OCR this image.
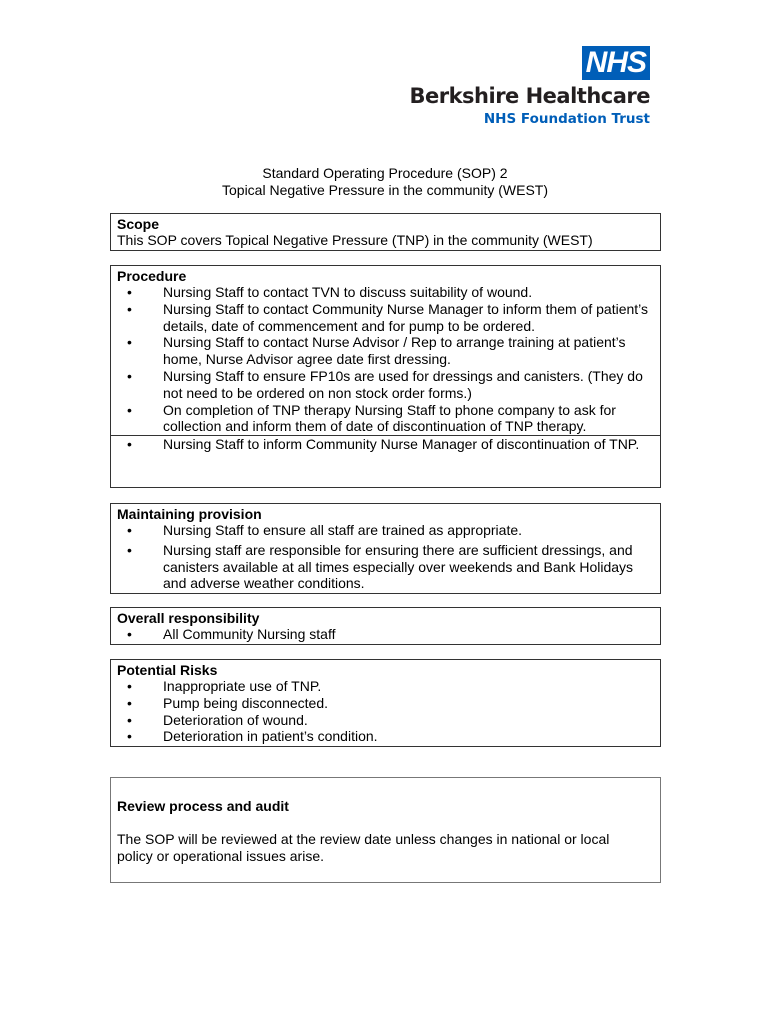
NHS
Berkshire Healthcare
NHS Foundation Trust
Standard Operating Procedure (SOP) 2
Topical Negative Pressure in the community (WEST)
Scope
This SOP covers Topical Negative Pressure (TNP) in the community (WEST)
Procedure
• Nursing Staff to contact TVN to discuss suitability of wound.
• Nursing Staff to contact Community Nurse Manager to inform them of patient’s details, date of commencement and for pump to be ordered.
• Nursing Staff to contact Nurse Advisor / Rep to arrange training at patient’s home, Nurse Advisor agree date first dressing.
• Nursing Staff to ensure FP10s are used for dressings and canisters. (They do not need to be ordered on non stock order forms.)
• On completion of TNP therapy Nursing Staff to phone company to ask for collection and inform them of date of discontinuation of TNP therapy.
• Nursing Staff to inform Community Nurse Manager of discontinuation of TNP.
Maintaining provision
• Nursing Staff to ensure all staff are trained as appropriate.
• Nursing staff are responsible for ensuring there are sufficient dressings, and canisters available at all times especially over weekends and Bank Holidays and adverse weather conditions.
Overall responsibility
• All Community Nursing staff
Potential Risks
• Inappropriate use of TNP.
• Pump being disconnected.
• Deterioration of wound.
• Deterioration in patient’s condition.
Review process and audit
The SOP will be reviewed at the review date unless changes in national or local policy or operational issues arise.
